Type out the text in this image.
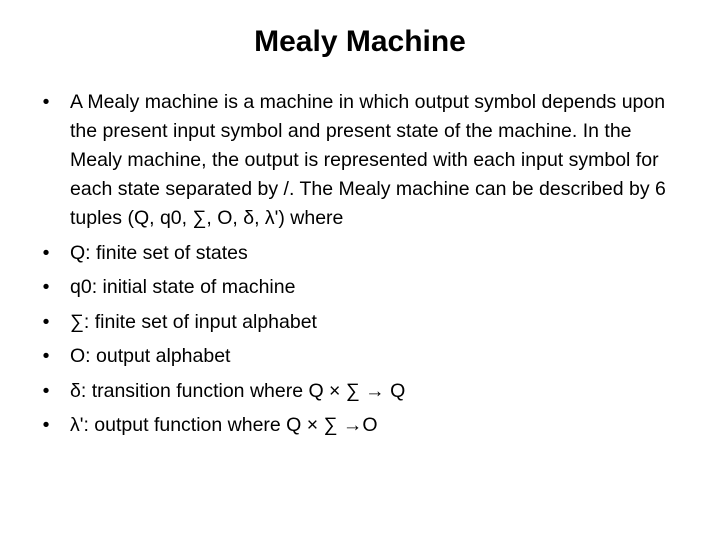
Mealy Machine
•	A Mealy machine is a machine in which output symbol depends upon the present input symbol and present state of the machine. In the Mealy machine, the output is represented with each input symbol for each state separated by /. The Mealy machine can be described by 6 tuples (Q, q0, ∑, O, δ, λ') where
•	Q: finite set of states
•	q0: initial state of machine
•	∑: finite set of input alphabet
•	O: output alphabet
•	δ: transition function where Q × ∑ → Q
•	λ': output function where Q × ∑ →O
